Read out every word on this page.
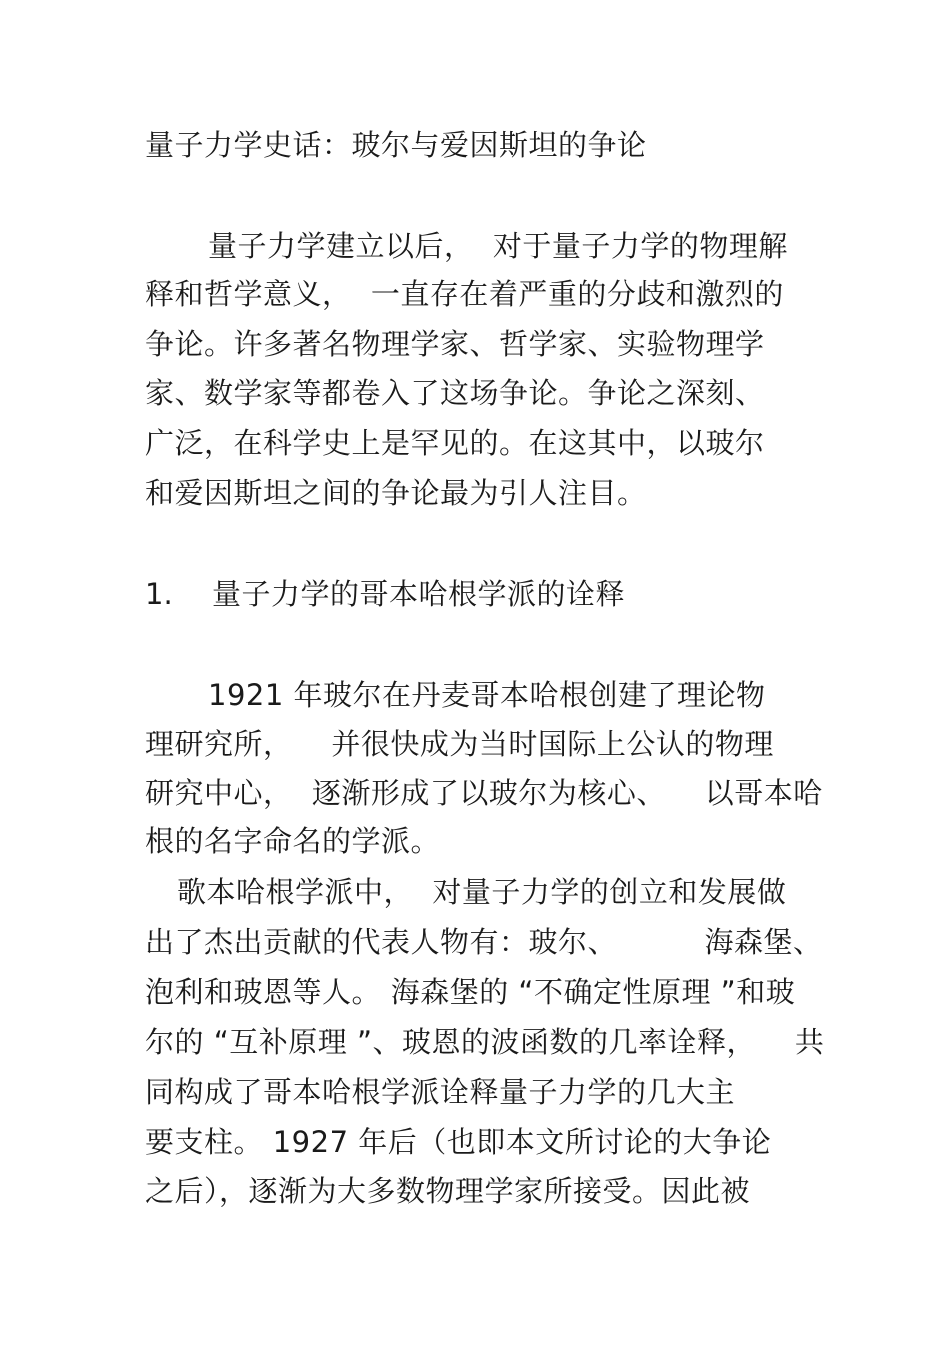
量子力学史话：玻尔与爱因斯坦的争论
量子力学建立以后，  对于量子力学的物理解
释和哲学意义，  一直存在着严重的分歧和激烈的
争论。许多著名物理学家、哲学家、实验物理学
家、数学家等都卷入了这场争论。争论之深刻、
广泛，在科学史上是罕见的。在这其中，以玻尔
和爱因斯坦之间的争论最为引人注目。
1. 量子力学的哥本哈根学派的诠释
1921 年玻尔在丹麦哥本哈根创建了理论物
理研究所，    并很快成为当时国际上公认的物理
研究中心，  逐渐形成了以玻尔为核心、    以哥本哈
根的名字命名的学派。
歌本哈根学派中，  对量子力学的创立和发展做
出了杰出贡献的代表人物有：玻尔、         海森堡、
泡利和玻恩等人。 海森堡的 “不确定性原理 ”和玻
尔的 “互补原理 ”、玻恩的波函数的几率诠释，    共
同构成了哥本哈根学派诠释量子力学的几大主
要支柱。 1927 年后（也即本文所讨论的大争论
之后），逐渐为大多数物理学家所接受。因此被
